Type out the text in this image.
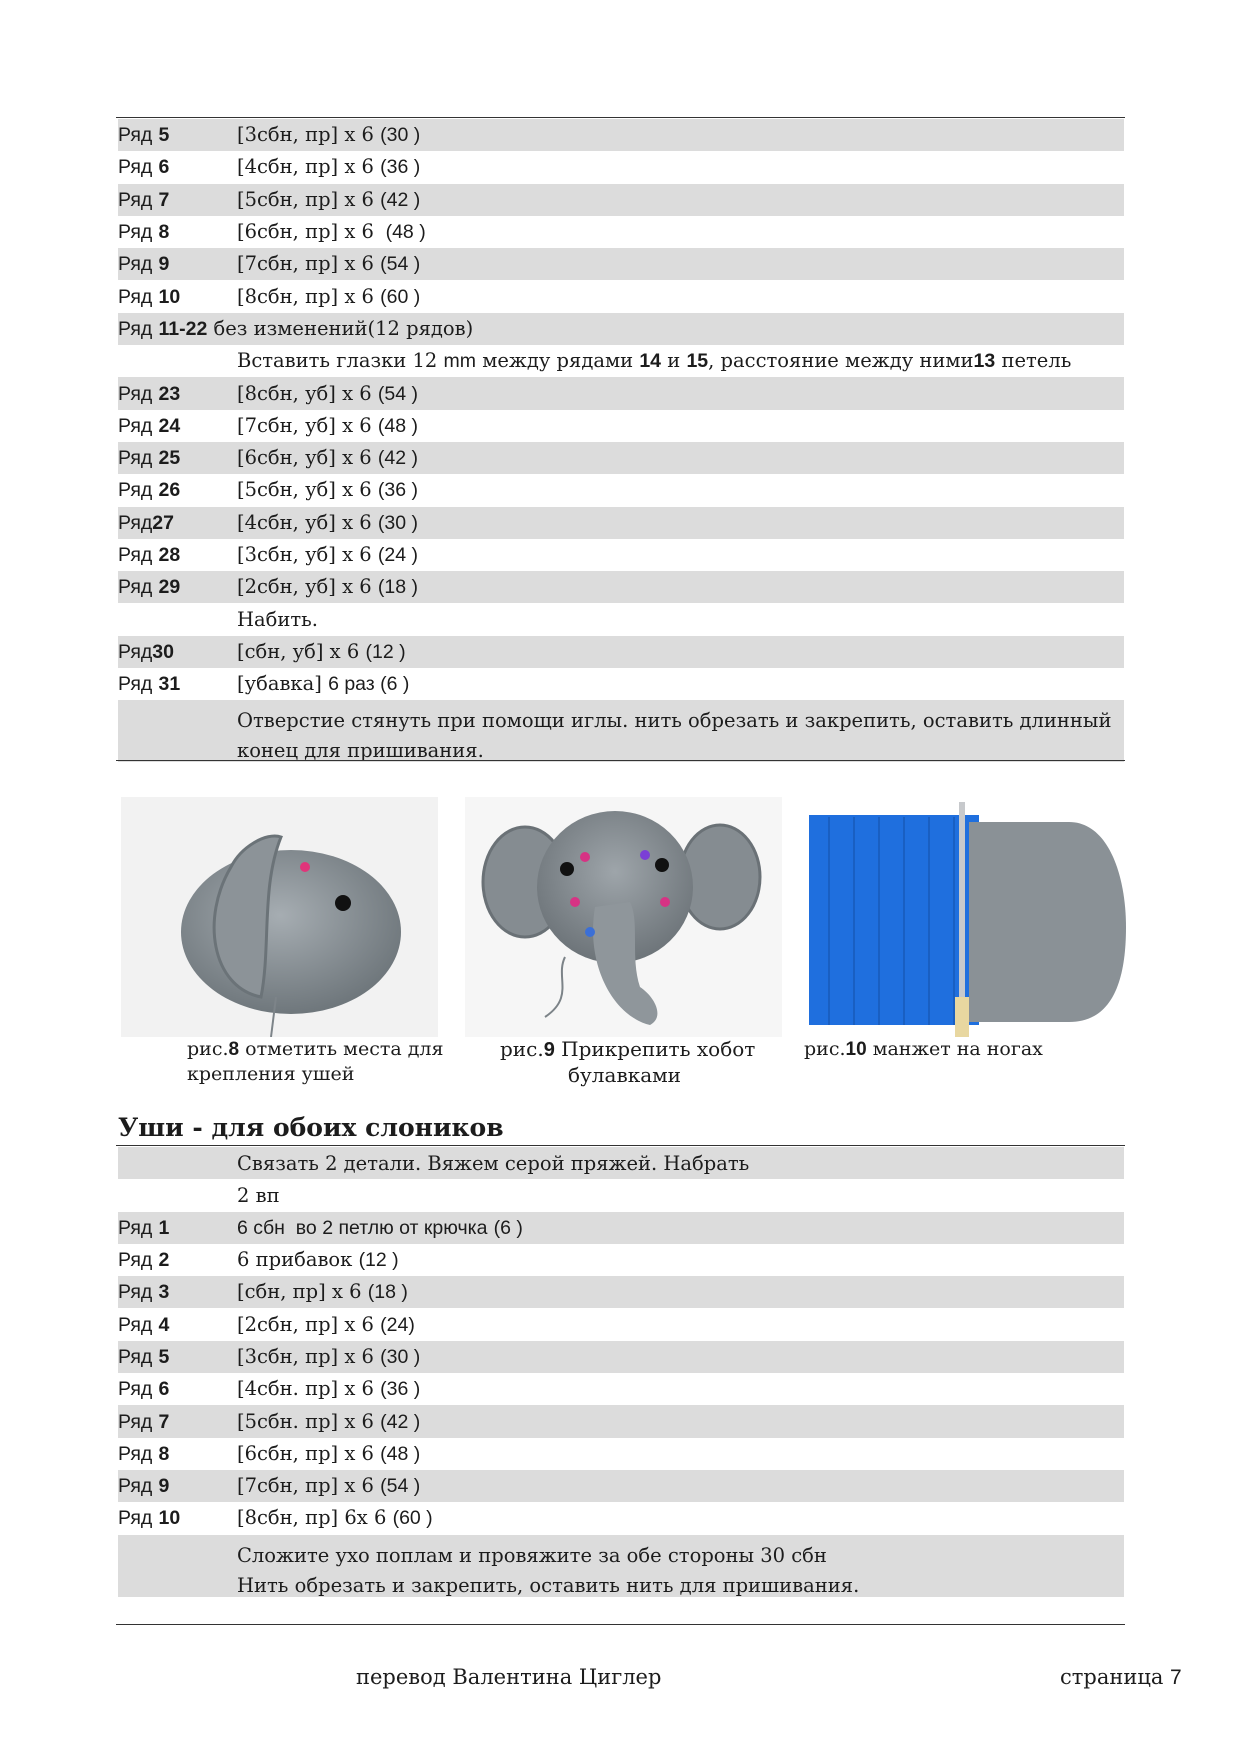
Ряд 5	[3сбн, пр] х 6 (30 )
Ряд 6	[4сбн, пр] х 6 (36 )
Ряд 7	[5сбн, пр] х 6 (42 )
Ряд 8	[6сбн, пр] х 6  (48 )
Ряд 9	[7сбн, пр] х 6 (54 )
Ряд 10	[8сбн, пр] х 6 (60 )
Ряд 11-22 без изменений(12 рядов)
Вставить глазки 12 mm между рядами 14 и 15, расстояние между ними13 петель
Ряд 23	[8сбн, уб] х 6 (54 )
Ряд 24	[7сбн, уб] х 6 (48 )
Ряд 25	[6сбн, уб] х 6 (42 )
Ряд 26	[5сбн, уб] х 6 (36 )
Ряд27	[4сбн, уб] х 6 (30 )
Ряд 28	[3сбн, уб] х 6 (24 )
Ряд 29	[2сбн, уб] х 6 (18 )
Набить.
Ряд30	[сбн, уб] х 6 (12 )
Ряд 31	[убавка] 6 раз (6 )
Отверстие стянуть при помощи иглы. нить обрезать и закрепить, оставить длинный
конец для пришивания.
рис.8 отметить места для
крепления ушей
рис.9 Прикрепить хобот
булавками
рис.10 манжет на ногах
Уши - для обоих слоников
Связать 2 детали. Вяжем серой пряжей. Набрать
2 вп
Ряд 1	6 сбн  во 2 петлю от крючка (6 )
Ряд 2	6 прибавок (12 )
Ряд 3	[сбн, пр] х 6 (18 )
Ряд 4	[2сбн, пр] х 6 (24)
Ряд 5	[3сбн, пр] х 6 (30 )
Ряд 6	[4сбн. пр] х 6 (36 )
Ряд 7	[5сбн. пр] х 6 (42 )
Ряд 8	[6сбн, пр] х 6 (48 )
Ряд 9	[7сбн, пр] х 6 (54 )
Ряд 10	[8сбн, пр] 6х 6 (60 )
Сложите ухо поплам и провяжите за обе стороны 30 сбн
Нить обрезать и закрепить, оставить нить для пришивания.
перевод Валентина Циглер	страница 7
